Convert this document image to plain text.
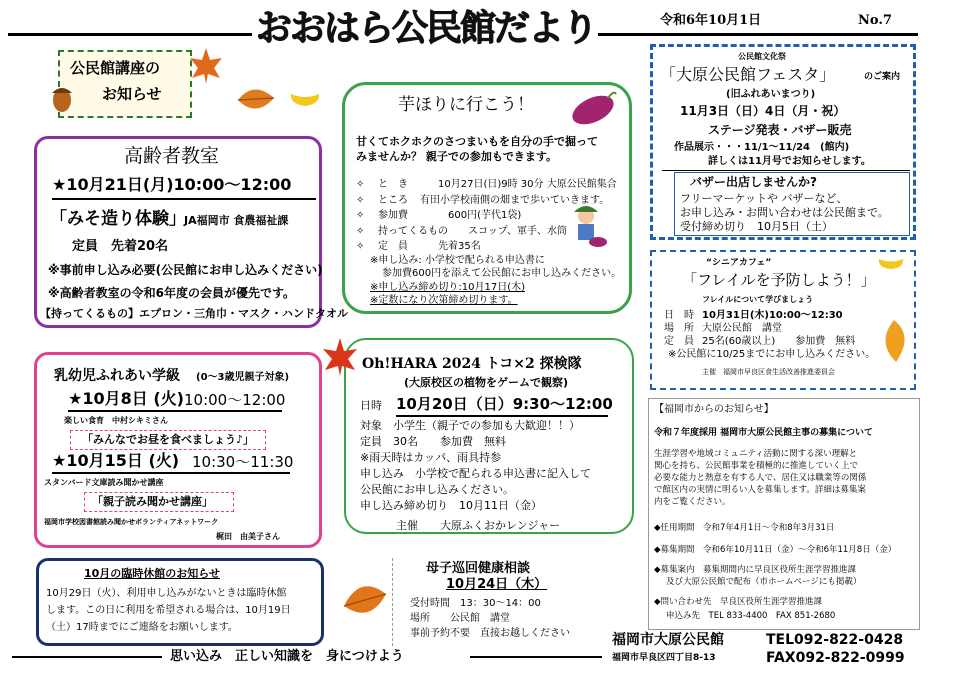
おおはら公民館だより	令和6年10月1日	No.7
公民館講座の
お知らせ
高齢者教室
★10月21日(月)10:00～12:00
「みそ造り体験」
JA福岡市 食農福祉課
定員　先着20名
※事前申し込み必要(公民館にお申し込みください)
※高齢者教室の令和6年度の会員が優先です。
【持ってくるもの】エプロン・三角巾・マスク・ハンドタオル
芋ほりに行こう！
甘くてホクホクのさつまいもを自分の手で掘って
みませんか？ 親子での参加もできます。
✧	と　き	10月27日(日)9時 30分 大原公民館集合
✧	ところ	有田小学校南側の畑まで歩いていきます。
✧	参加費	600円(芋代1袋)
✧	持ってくるもの	スコップ、軍手、水筒
✧	定　員	先着35名
※申し込み: 小学校で配られる申込書に
参加費600円を添えて公民館にお申し込みください。
※申し込み締め切り:10月17日(木)
※定数になり次第締め切ります。
公民館文化祭
「大原公民館フェスタ」	のご案内
(旧ふれあいまつり)
11月3日（日）4日（月・祝）
ステージ発表・バザー販売
作品展示・・・11/1～11/24　(館内)
詳しくは11月号でお知らせします。
バザー出店しませんか?
フリーマーケットや バザーなど、
お申し込み・お問い合わせは公民館まで。
受付締め切り　10月5日（土）
“シニアカフェ”
「フレイルを予防しよう！」
フレイルについて学びましょう
日　時 10月31日(木)10:00～12:30
場　所 大原公民館　講堂
定　員 25名(60歳以上)　　参加費　無料
※公民館に10/25までにお申し込みください。
主催　福岡市早良区食生活改善推進委員会
乳幼児ふれあい学級 (0～3歳児親子対象)
★10月8日 (火) 10:00～12:00
楽しい食育　中村シキミさん
「みんなでお昼を食べましょう♪」
★10月15日 (火) 10:30～11:30
スタンバード文庫読み聞かせ講座
「親子読み聞かせ講座」
福岡市学校図書館読み聞かせボランティアネットワーク
梶田　由美子さん
Oh!HARA 2024 トコ×2 探検隊
(大原校区の植物をゲームで観察)
日時 10月20日（日）9:30～12:00
対象　小学生（親子での参加も大歓迎！！）
定員　30名　　参加費　無料
※雨天時はカッパ、雨具持参
申し込み　小学校で配られる申込書に記入して
公民館にお申し込みください。
申し込み締め切り　10月11日（金）
主催　　大原ふくおかレンジャー
10月の臨時休館のお知らせ
10月29日（火）、利用申し込みがないときは臨時休館
します。この日に利用を希望される場合は、10月19日
（土）17時までにご連絡をお願いします。
母子巡回健康相談
10月24日（木）
受付時間　13：30～14：00
場所　　公民館　講堂
事前予約不要　直接お越しください
【福岡市からのお知らせ】
令和７年度採用 福岡市大原公民館主事の募集について
生涯学習や地域コミュニティ活動に関する深い理解と
関心を持ち、公民館事業を積極的に推進していく上で
必要な能力と熱意を有する人で、居住又は職業等の関係
で館区内の実情に明るい人を募集します。詳細は募集案
内をご覧ください。
◆任用期間　令和7年4月1日～令和8年3月31日
◆募集期間　令和6年10月11日（金）～令和6年11月8日（金）
◆募集案内　募集期間内に早良区役所生涯学習推進課
及び大原公民館で配布（市ホームページにも掲載）
◆問い合わせ先　早良区役所生涯学習推進課
申込み先　TEL 833-4400　FAX 851-2680
思い込み　正しい知識を　身につけよう
福岡市大原公民館
福岡市早良区四丁目8-13
TEL092-822-0428
FAX092-822-0999
